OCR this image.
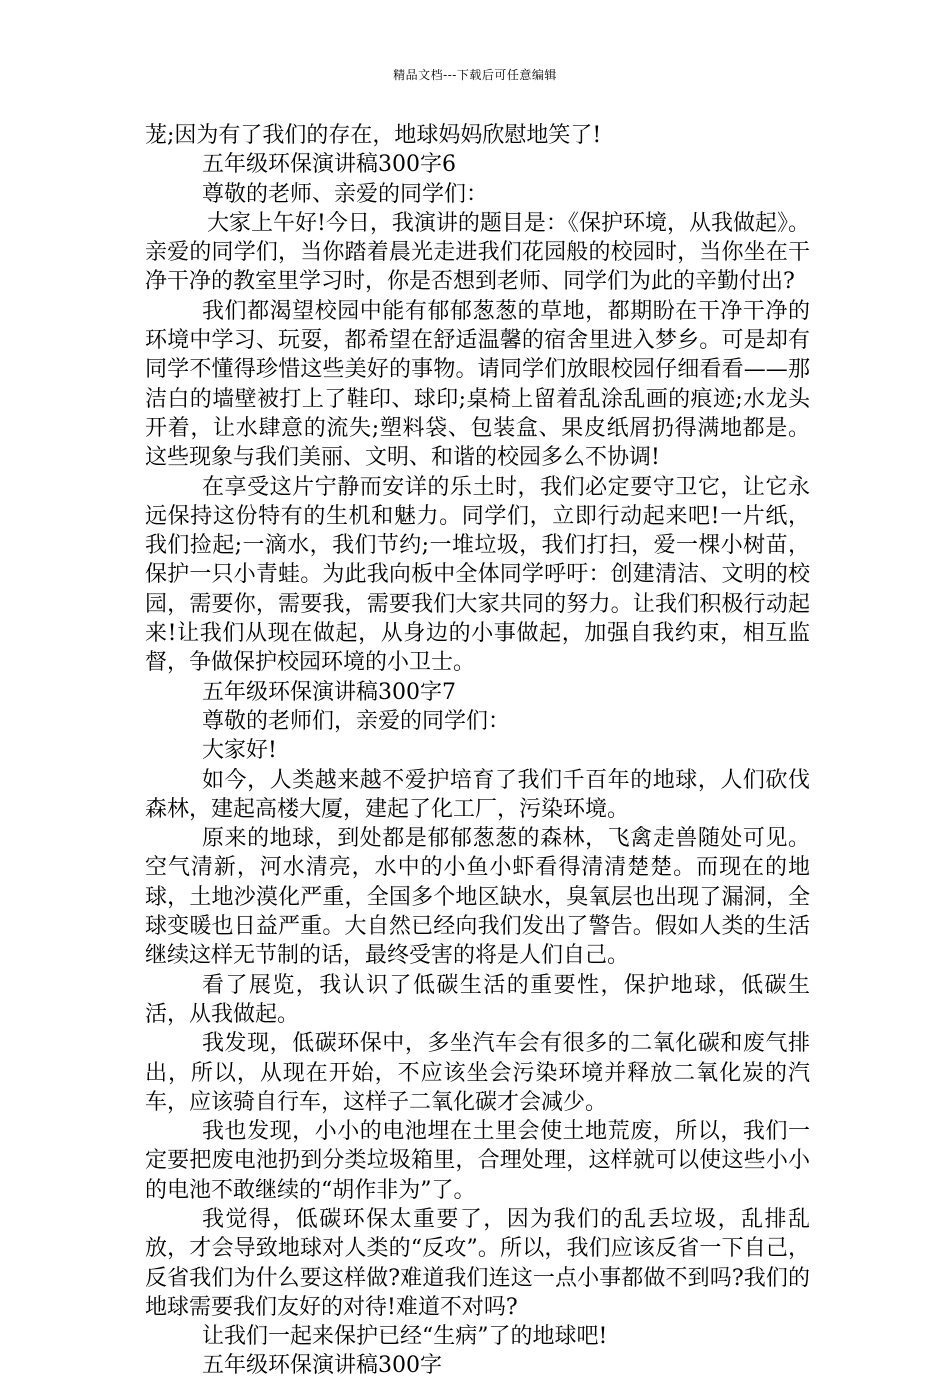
精品文档---下载后可任意编辑

茏;因为有了我们的存在，地球妈妈欣慰地笑了!

五年级环保演讲稿300字6

尊敬的老师、亲爱的同学们：

大家上午好!今日，我演讲的题目是：《保护环境，从我做起》。亲爱的同学们，当你踏着晨光走进我们花园般的校园时，当你坐在干净干净的教室里学习时，你是否想到老师、同学们为此的辛勤付出?

我们都渴望校园中能有郁郁葱葱的草地，都期盼在干净干净的环境中学习、玩耍，都希望在舒适温馨的宿舍里进入梦乡。可是却有同学不懂得珍惜这些美好的事物。请同学们放眼校园仔细看看——那洁白的墙壁被打上了鞋印、球印;桌椅上留着乱涂乱画的痕迹;水龙头开着，让水肆意的流失;塑料袋、包装盒、果皮纸屑扔得满地都是。这些现象与我们美丽、文明、和谐的校园多么不协调!

在享受这片宁静而安详的乐土时，我们必定要守卫它，让它永远保持这份特有的生机和魅力。同学们，立即行动起来吧!一片纸，我们捡起;一滴水，我们节约;一堆垃圾，我们打扫，爱一棵小树苗，保护一只小青蛙。为此我向板中全体同学呼吁：创建清洁、文明的校园，需要你，需要我，需要我们大家共同的努力。让我们积极行动起来!让我们从现在做起，从身边的小事做起，加强自我约束，相互监督，争做保护校园环境的小卫士。

五年级环保演讲稿300字7

尊敬的老师们，亲爱的同学们：

大家好!

如今，人类越来越不爱护培育了我们千百年的地球，人们砍伐森林，建起高楼大厦，建起了化工厂，污染环境。

原来的地球，到处都是郁郁葱葱的森林，飞禽走兽随处可见。空气清新，河水清亮，水中的小鱼小虾看得清清楚楚。而现在的地球，土地沙漠化严重，全国多个地区缺水，臭氧层也出现了漏洞，全球变暖也日益严重。大自然已经向我们发出了警告。假如人类的生活继续这样无节制的话，最终受害的将是人们自己。

看了展览，我认识了低碳生活的重要性，保护地球，低碳生活，从我做起。

我发现，低碳环保中，多坐汽车会有很多的二氧化碳和废气排出，所以，从现在开始，不应该坐会污染环境并释放二氧化炭的汽车，应该骑自行车，这样子二氧化碳才会减少。

我也发现，小小的电池埋在土里会使土地荒废，所以，我们一定要把废电池扔到分类垃圾箱里，合理处理，这样就可以使这些小小的电池不敢继续的“胡作非为”了。

我觉得，低碳环保太重要了，因为我们的乱丢垃圾，乱排乱放，才会导致地球对人类的“反攻”。所以，我们应该反省一下自己，反省我们为什么要这样做?难道我们连这一点小事都做不到吗?我们的地球需要我们友好的对待!难道不对吗?

让我们一起来保护已经“生病”了的地球吧!

五年级环保演讲稿300字
